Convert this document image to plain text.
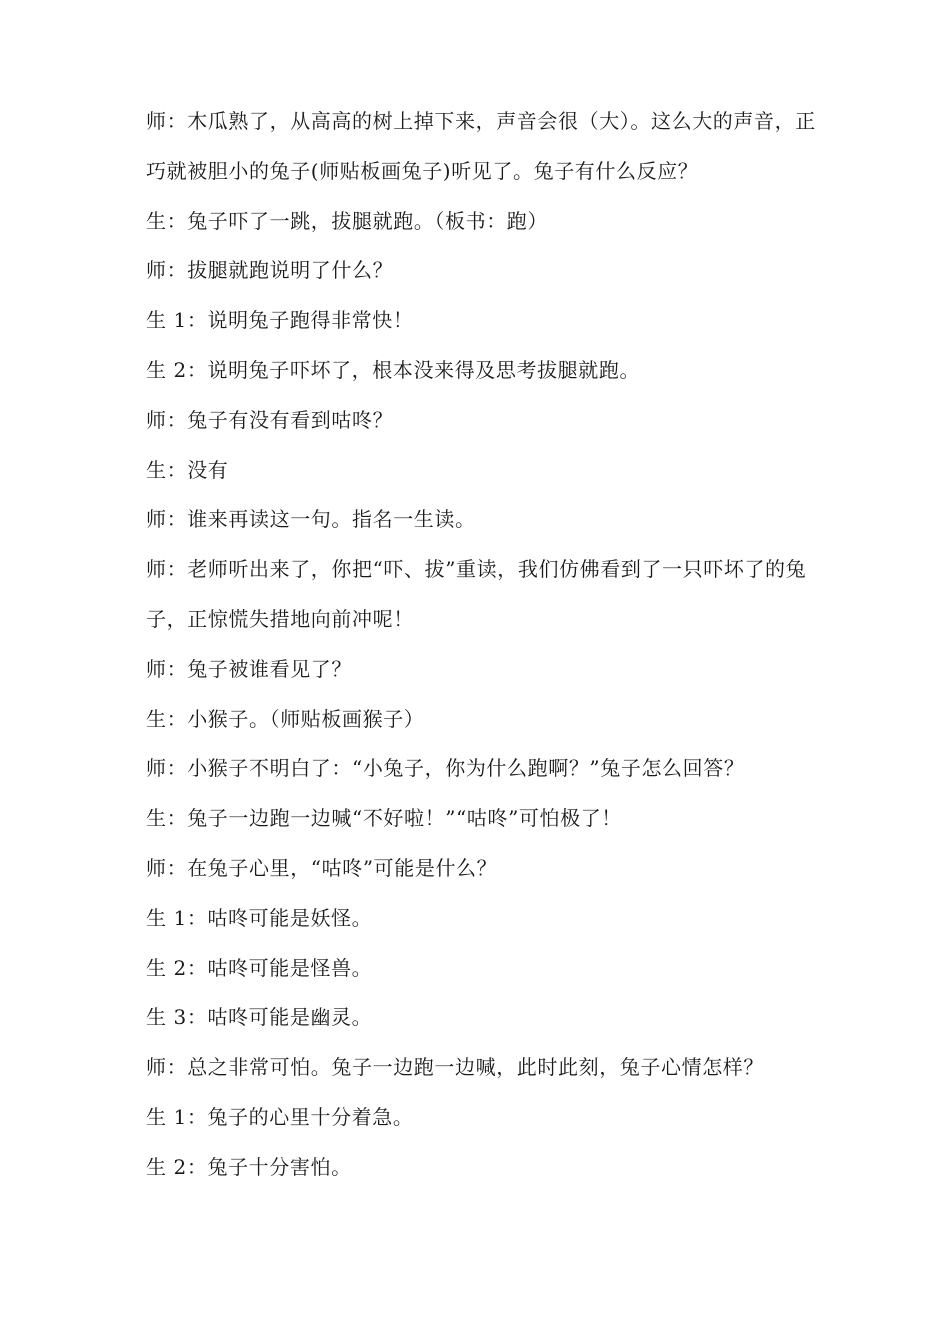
师：木瓜熟了，从高高的树上掉下来，声音会很（大）。这么大的声音，正巧就被胆小的兔子(师贴板画兔子)听见了。兔子有什么反应？

生：兔子吓了一跳，拔腿就跑。（板书：跑）

师：拔腿就跑说明了什么？

生 1：说明兔子跑得非常快！

生 2：说明兔子吓坏了，根本没来得及思考拔腿就跑。

师：兔子有没有看到咕咚？

生：没有

师：谁来再读这一句。指名一生读。

师：老师听出来了，你把“吓、拔”重读，我们仿佛看到了一只吓坏了的兔子，正惊慌失措地向前冲呢！

师：兔子被谁看见了？

生：小猴子。（师贴板画猴子）

师：小猴子不明白了：“小兔子，你为什么跑啊？”兔子怎么回答？

生：兔子一边跑一边喊“不好啦！”“咕咚”可怕极了！

师：在兔子心里，“咕咚”可能是什么？

生 1：咕咚可能是妖怪。

生 2：咕咚可能是怪兽。

生 3：咕咚可能是幽灵。

师：总之非常可怕。兔子一边跑一边喊，此时此刻，兔子心情怎样？

生 1：兔子的心里十分着急。

生 2：兔子十分害怕。
